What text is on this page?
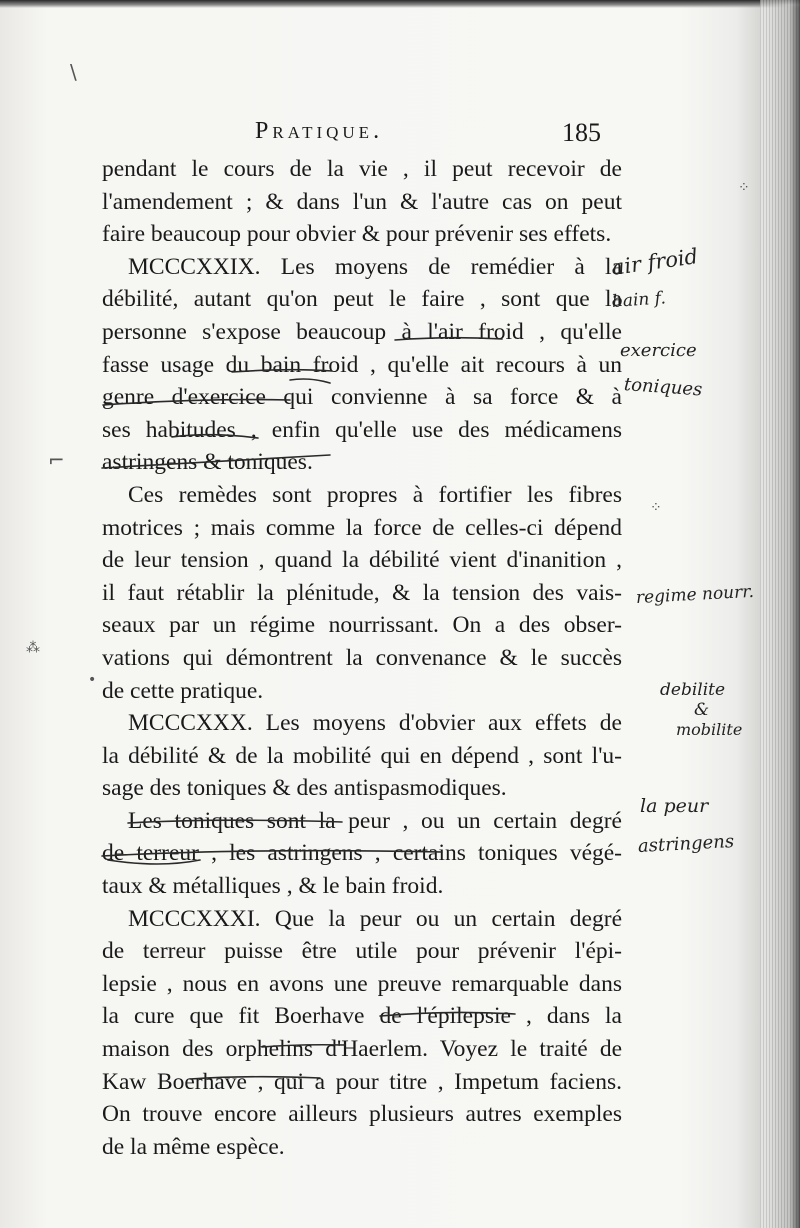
Pratique.	185
pendant le cours de la vie , il peut recevoir de
l'amendement ; & dans l'un & l'autre cas on peut
faire beaucoup pour obvier & pour prévenir ses effets.
MCCCXXIX. Les moyens de remédier à la
débilité, autant qu'on peut le faire , sont que la
personne s'expose beaucoup à l'air froid , qu'elle
fasse usage du bain froid , qu'elle ait recours à un
genre d'exercice qui convienne à sa force & à
ses habitudes , enfin qu'elle use des médicamens
astringens & toniques.
Ces remèdes sont propres à fortifier les fibres
motrices ; mais comme la force de celles-ci dépend
de leur tension , quand la débilité vient d'inanition ,
il faut rétablir la plénitude, & la tension des vais-
seaux par un régime nourrissant. On a des obser-
vations qui démontrent la convenance & le succès
de cette pratique.
MCCCXXX. Les moyens d'obvier aux effets de
la débilité & de la mobilité qui en dépend , sont l'u-
sage des toniques & des antispasmodiques.
Les toniques sont la peur , ou un certain degré
de terreur , les astringens , certains toniques végé-
taux & métalliques , & le bain froid.
MCCCXXXI. Que la peur ou un certain degré
de terreur puisse être utile pour prévenir l'épi-
lepsie , nous en avons une preuve remarquable dans
la cure que fit Boerhave de l'épilepsie , dans la
maison des orphelins d'Haerlem. Voyez le traité de
Kaw Boerhave , qui a pour titre , Impetum faciens.
On trouve encore ailleurs plusieurs autres exemples
de la même espèce.
air froid
bain f.
exercice
toniques
regime nourr.
debilite
&
mobilite
la peur
astringens
\
⌐
⁂
•
⁘
⁘
